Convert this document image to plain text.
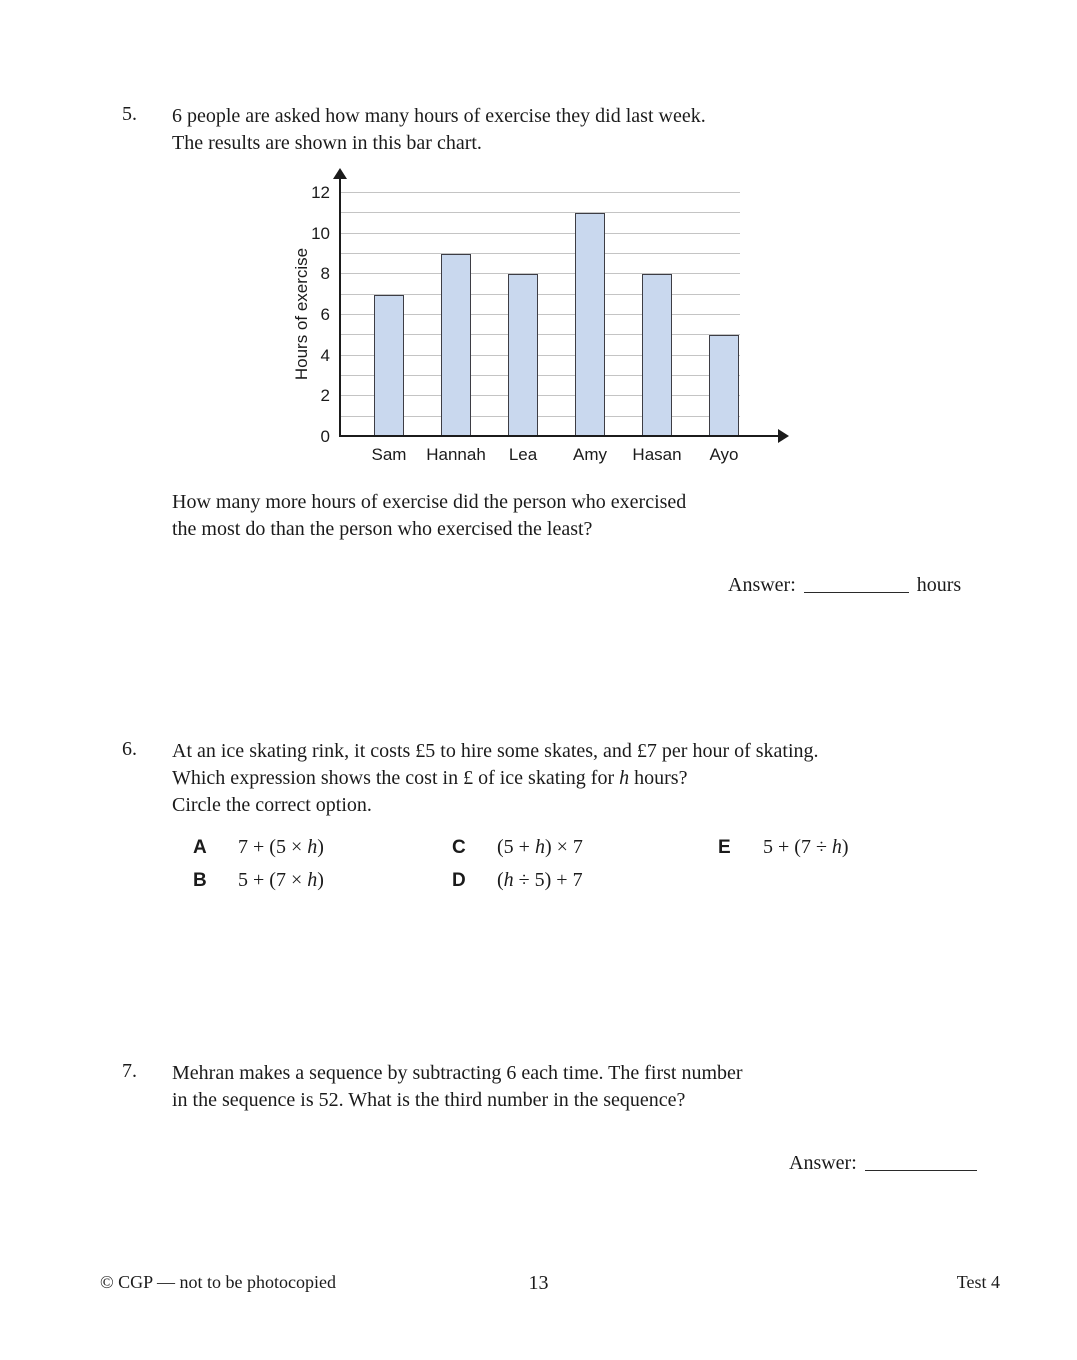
5. 6 people are asked how many hours of exercise they did last week.
The results are shown in this bar chart.
Hours of exercise
0
2
4
6
8
10
12
Sam Hannah Lea Amy Hasan Ayo
How many more hours of exercise did the person who exercised
the most do than the person who exercised the least?
Answer:	hours
6. At an ice skating rink, it costs £5 to hire some skates, and £7 per hour of skating.
Which expression shows the cost in £ of ice skating for h hours?
Circle the correct option.
A 7 + (5 × h)
B 5 + (7 × h)
C (5 + h) × 7
D (h ÷ 5) + 7
E 5 + (7 ÷ h)
7. Mehran makes a sequence by subtracting 6 each time. The first number
in the sequence is 52. What is the third number in the sequence?
Answer:
© CGP — not to be photocopied	13	Test 4
